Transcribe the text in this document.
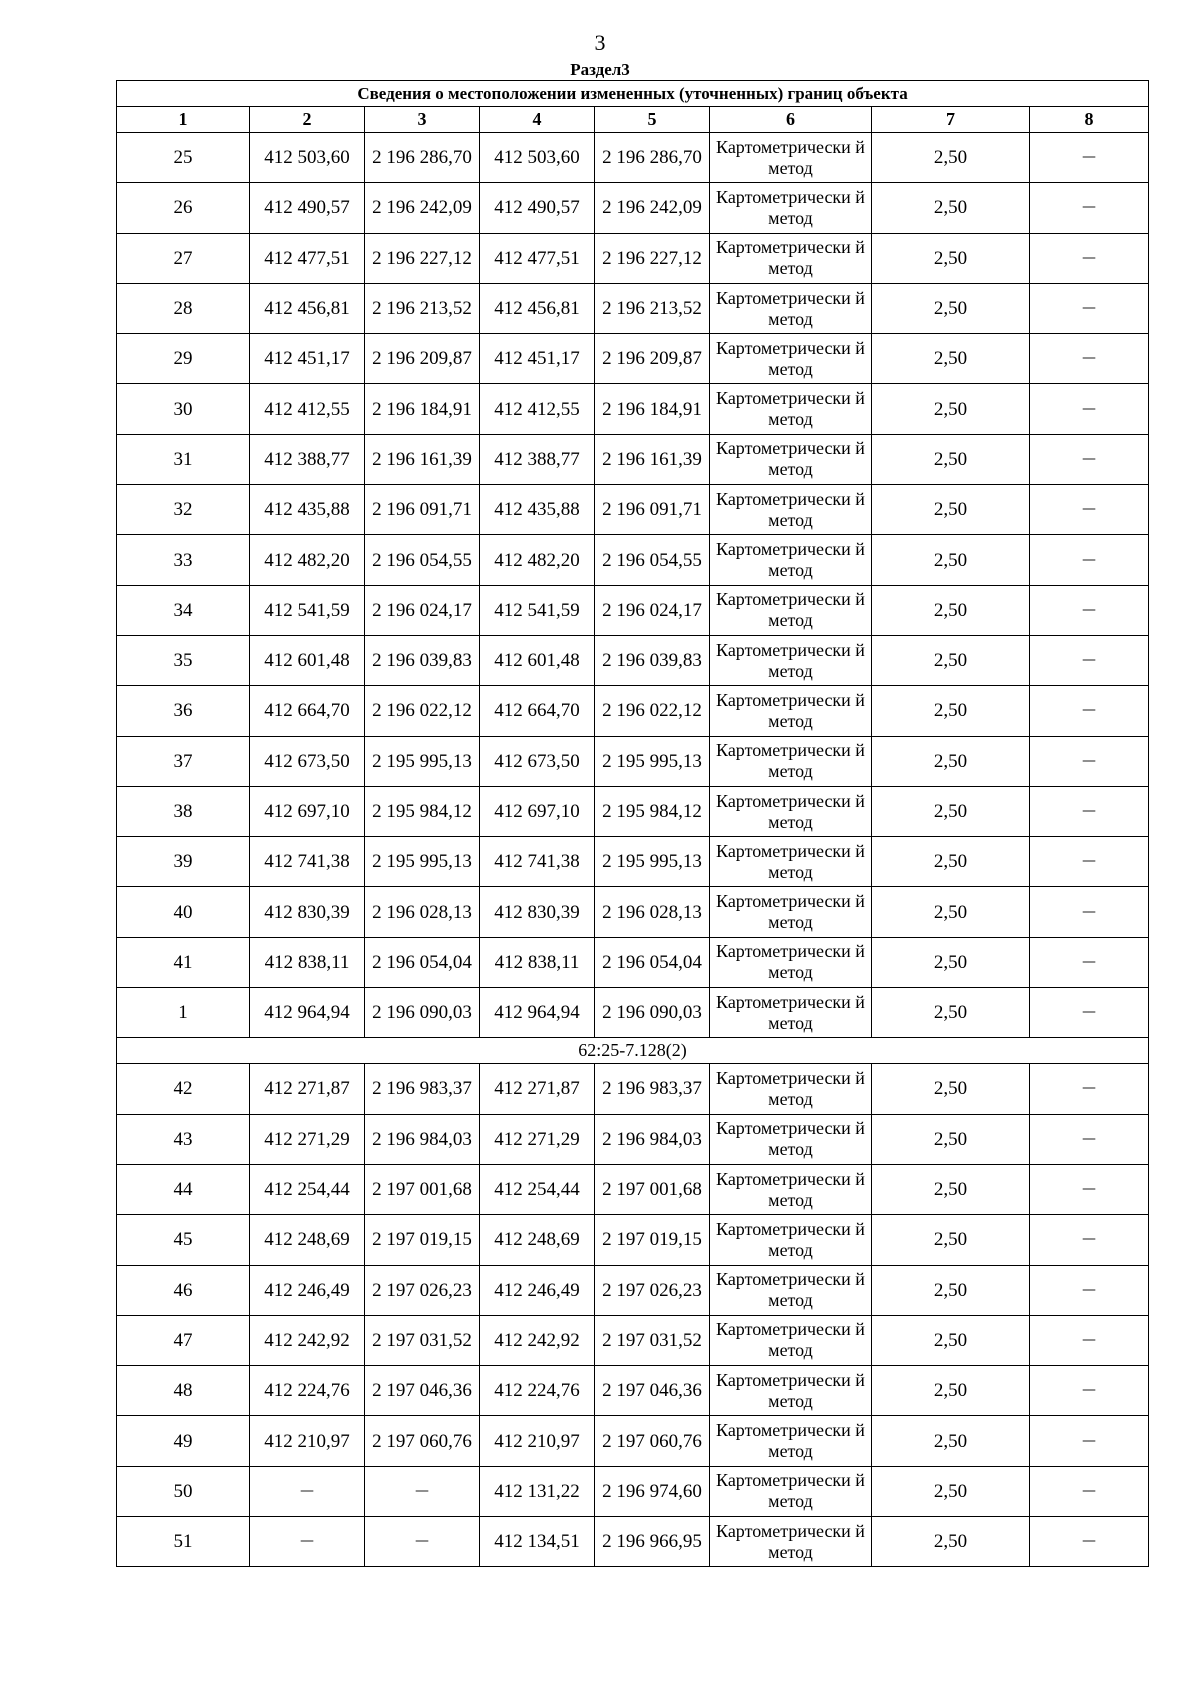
3
Раздел3
Сведения о местоположении измененных (уточненных) границ объекта							
1	2	3	4	5	6	7	8
25	412 503,60	2 196 286,70	412 503,60	2 196 286,70	Картометрически й метод	2,50	—
26	412 490,57	2 196 242,09	412 490,57	2 196 242,09	Картометрически й метод	2,50	—
27	412 477,51	2 196 227,12	412 477,51	2 196 227,12	Картометрически й метод	2,50	—
28	412 456,81	2 196 213,52	412 456,81	2 196 213,52	Картометрически й метод	2,50	—
29	412 451,17	2 196 209,87	412 451,17	2 196 209,87	Картометрически й метод	2,50	—
30	412 412,55	2 196 184,91	412 412,55	2 196 184,91	Картометрически й метод	2,50	—
31	412 388,77	2 196 161,39	412 388,77	2 196 161,39	Картометрически й метод	2,50	—
32	412 435,88	2 196 091,71	412 435,88	2 196 091,71	Картометрически й метод	2,50	—
33	412 482,20	2 196 054,55	412 482,20	2 196 054,55	Картометрически й метод	2,50	—
34	412 541,59	2 196 024,17	412 541,59	2 196 024,17	Картометрически й метод	2,50	—
35	412 601,48	2 196 039,83	412 601,48	2 196 039,83	Картометрически й метод	2,50	—
36	412 664,70	2 196 022,12	412 664,70	2 196 022,12	Картометрически й метод	2,50	—
37	412 673,50	2 195 995,13	412 673,50	2 195 995,13	Картометрически й метод	2,50	—
38	412 697,10	2 195 984,12	412 697,10	2 195 984,12	Картометрически й метод	2,50	—
39	412 741,38	2 195 995,13	412 741,38	2 195 995,13	Картометрически й метод	2,50	—
40	412 830,39	2 196 028,13	412 830,39	2 196 028,13	Картометрически й метод	2,50	—
41	412 838,11	2 196 054,04	412 838,11	2 196 054,04	Картометрически й метод	2,50	—
1	412 964,94	2 196 090,03	412 964,94	2 196 090,03	Картометрически й метод	2,50	—
62:25-7.128(2)							
42	412 271,87	2 196 983,37	412 271,87	2 196 983,37	Картометрически й метод	2,50	—
43	412 271,29	2 196 984,03	412 271,29	2 196 984,03	Картометрически й метод	2,50	—
44	412 254,44	2 197 001,68	412 254,44	2 197 001,68	Картометрически й метод	2,50	—
45	412 248,69	2 197 019,15	412 248,69	2 197 019,15	Картометрически й метод	2,50	—
46	412 246,49	2 197 026,23	412 246,49	2 197 026,23	Картометрически й метод	2,50	—
47	412 242,92	2 197 031,52	412 242,92	2 197 031,52	Картометрически й метод	2,50	—
48	412 224,76	2 197 046,36	412 224,76	2 197 046,36	Картометрически й метод	2,50	—
49	412 210,97	2 197 060,76	412 210,97	2 197 060,76	Картометрически й метод	2,50	—
50	—	—	412 131,22	2 196 974,60	Картометрически й метод	2,50	—
51	—	—	412 134,51	2 196 966,95	Картометрически й метод	2,50	—
